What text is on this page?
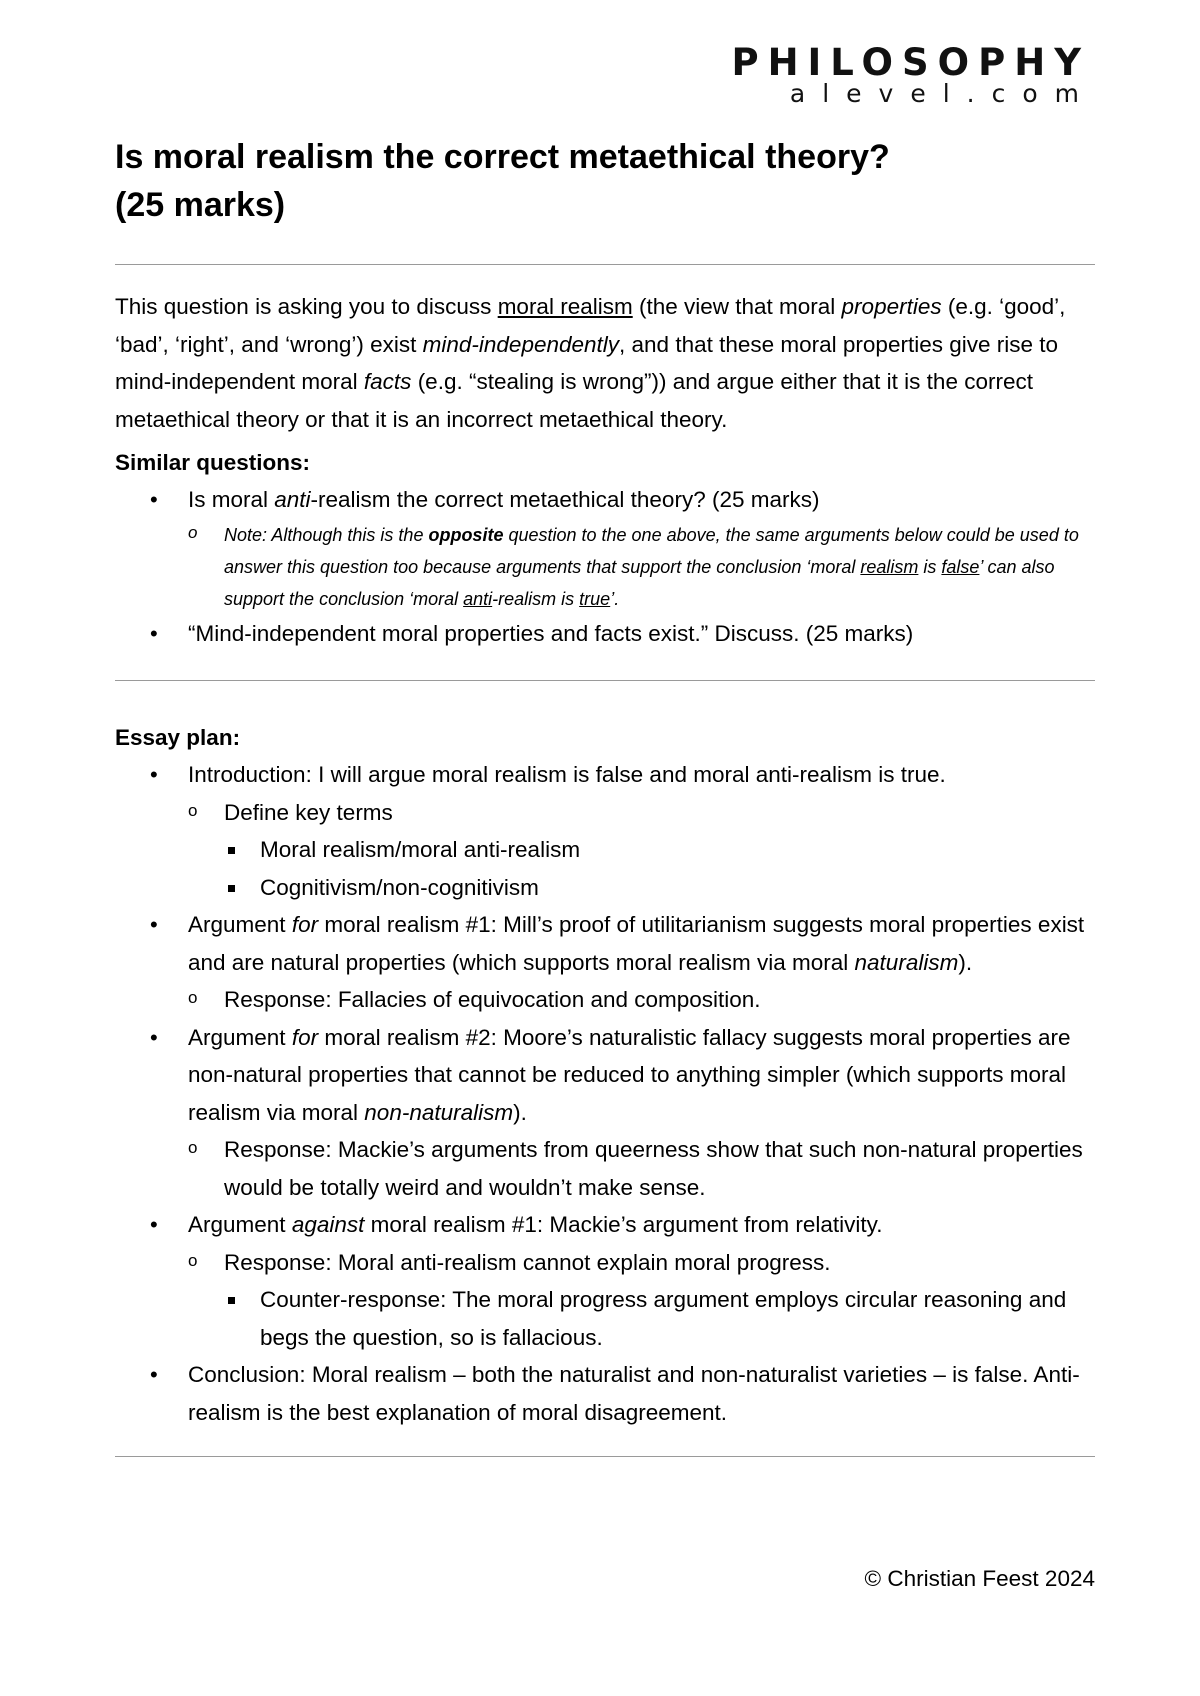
PHILOSOPHY
alevel.com
Is moral realism the correct metaethical theory?
(25 marks)

This question is asking you to discuss moral realism (the view that moral properties (e.g. ‘good’, ‘bad’, ‘right’, and ‘wrong’) exist mind-independently, and that these moral properties give rise to mind-independent moral facts (e.g. “stealing is wrong”)) and argue either that it is the correct metaethical theory or that it is an incorrect metaethical theory.

Similar questions:
• Is moral anti-realism the correct metaethical theory? (25 marks)
o Note: Although this is the opposite question to the one above, the same arguments below could be used to answer this question too because arguments that support the conclusion ‘moral realism is false’ can also support the conclusion ‘moral anti-realism is true’.
• “Mind-independent moral properties and facts exist.” Discuss. (25 marks)
Essay plan:
• Introduction: I will argue moral realism is false and moral anti-realism is true.
o Define key terms
Moral realism/moral anti-realism
Cognitivism/non-cognitivism
• Argument for moral realism #1: Mill’s proof of utilitarianism suggests moral properties exist and are natural properties (which supports moral realism via moral naturalism).
o Response: Fallacies of equivocation and composition.
• Argument for moral realism #2: Moore’s naturalistic fallacy suggests moral properties are non-natural properties that cannot be reduced to anything simpler (which supports moral realism via moral non-naturalism).
o Response: Mackie’s arguments from queerness show that such non-natural properties would be totally weird and wouldn’t make sense.
• Argument against moral realism #1: Mackie’s argument from relativity.
o Response: Moral anti-realism cannot explain moral progress.
Counter-response: The moral progress argument employs circular reasoning and begs the question, so is fallacious.
• Conclusion: Moral realism – both the naturalist and non-naturalist varieties – is false. Anti-realism is the best explanation of moral disagreement.
© Christian Feest 2024
